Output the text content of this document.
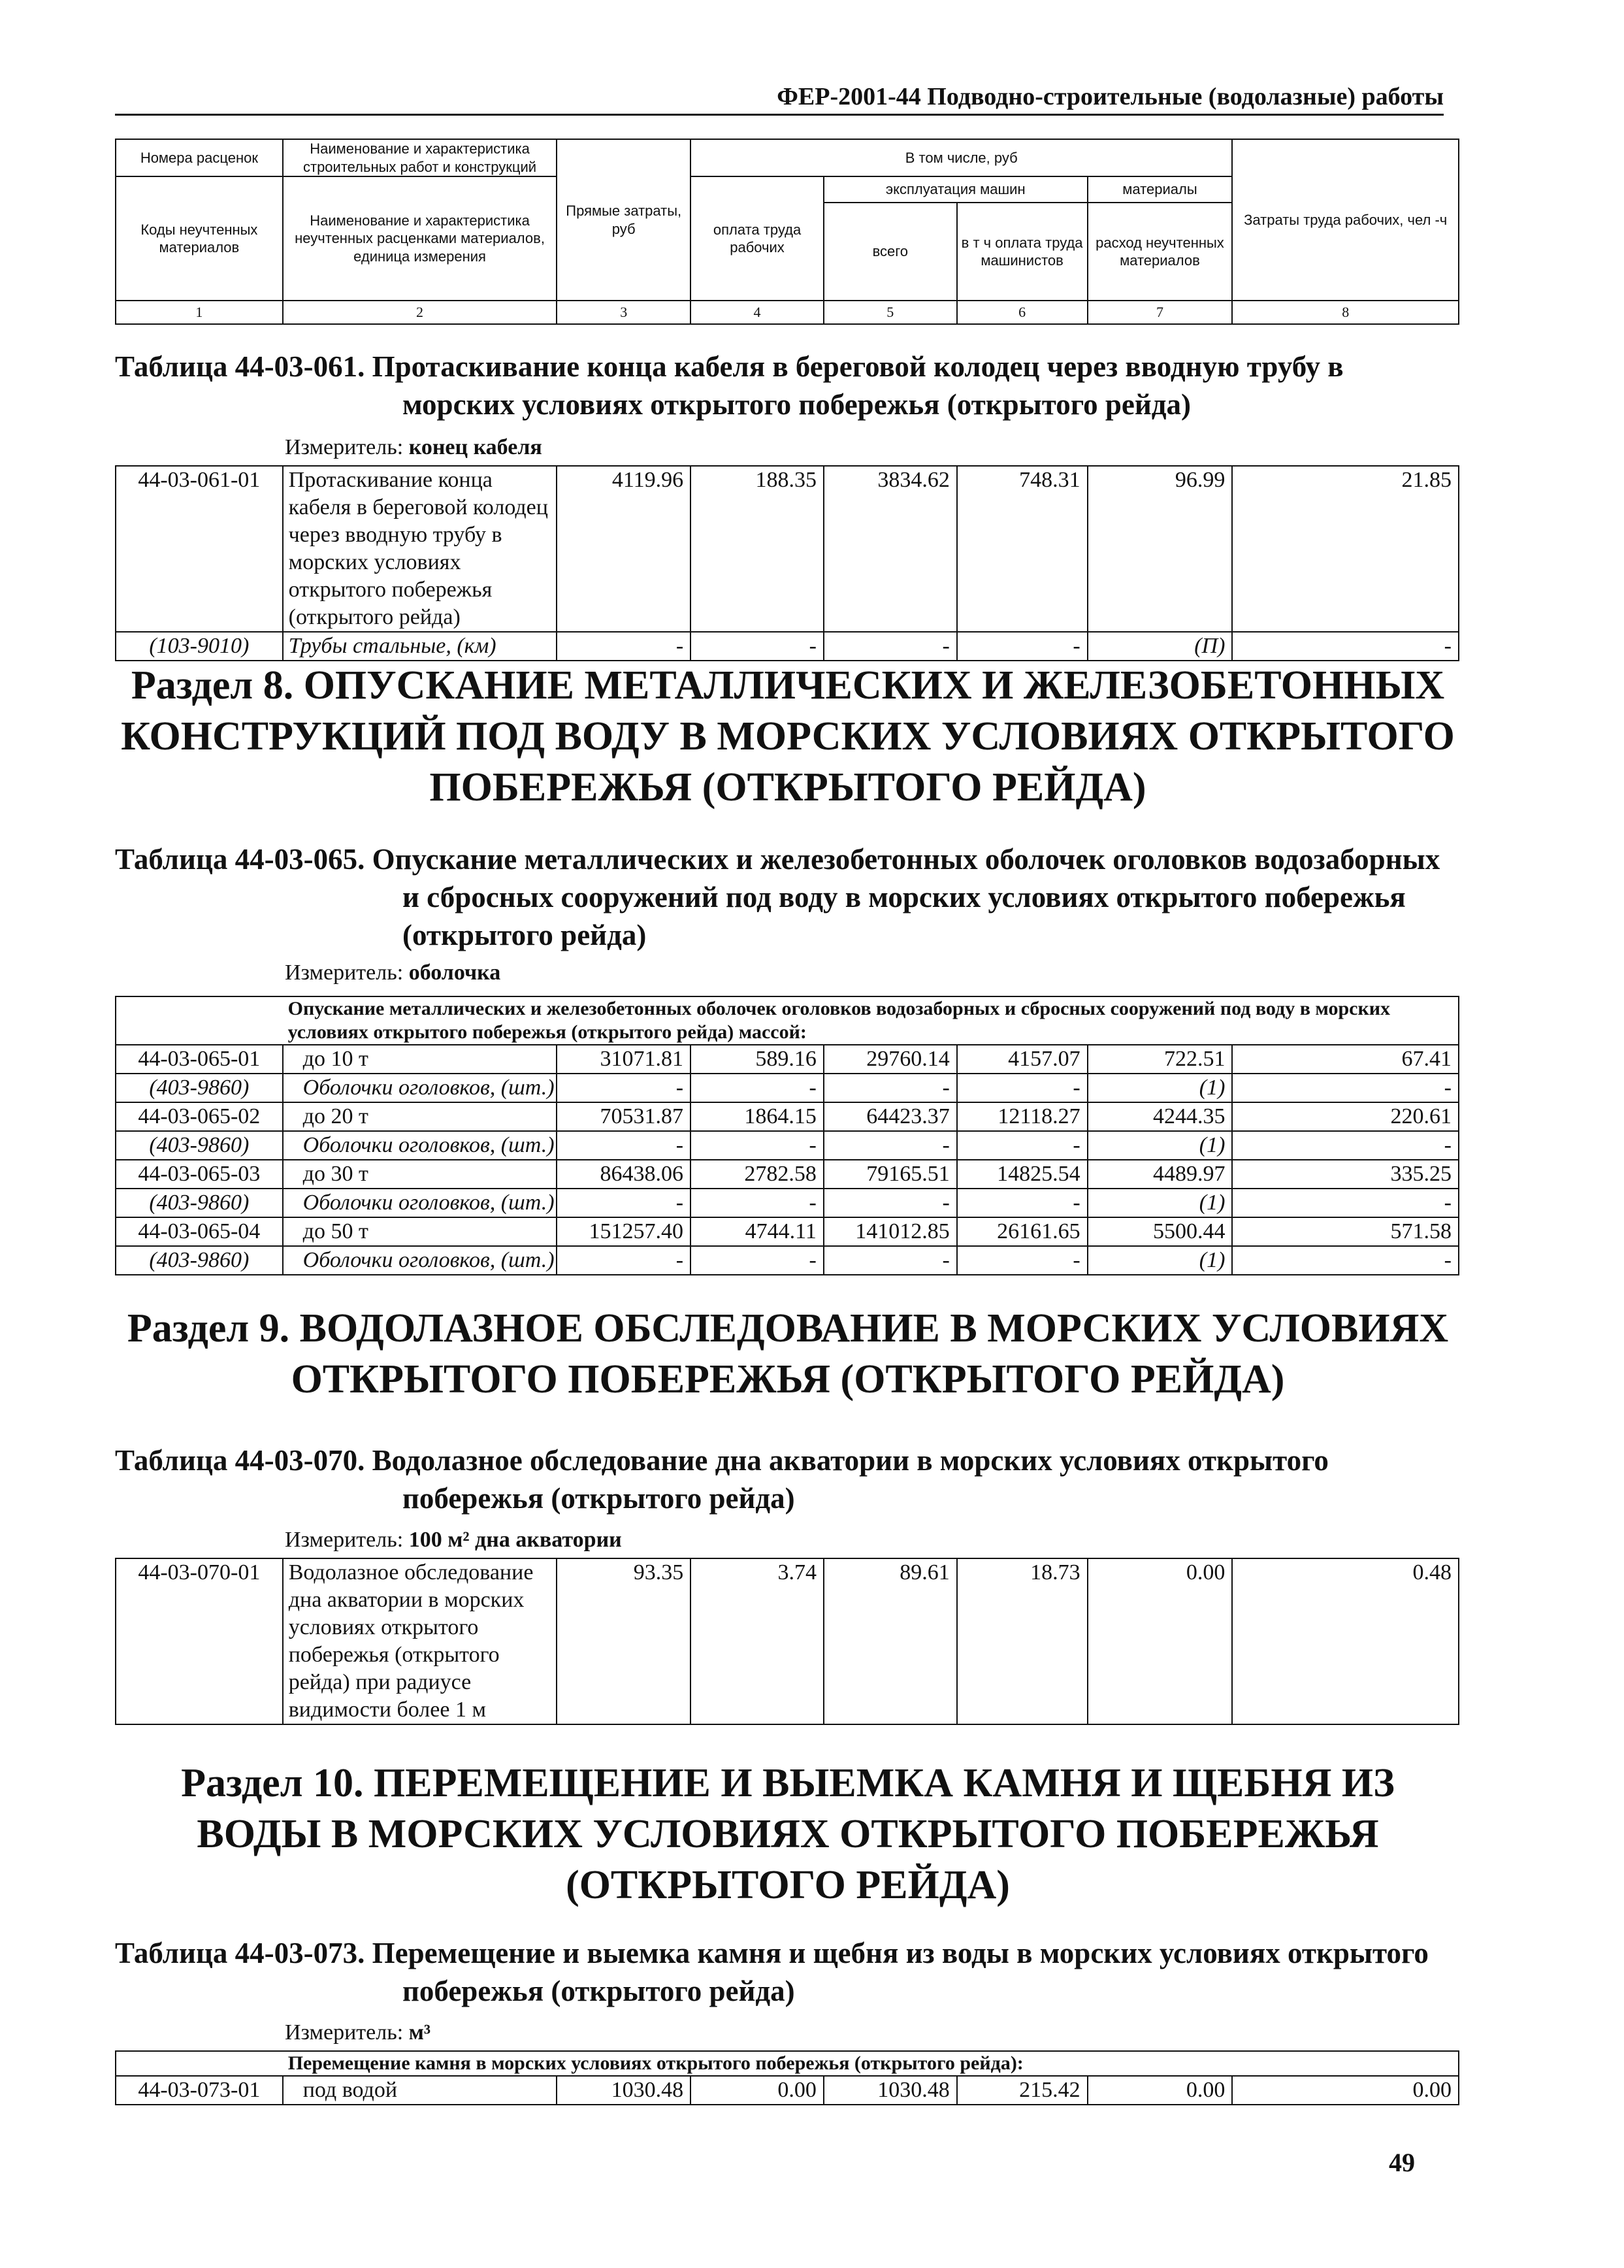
ФЕР-2001-44 Подводно-строительные (водолазные) работы
Номера расценок	Наименование и характеристика строительных работ и конструкций	Прямые затраты, руб	В том числе, руб				Затраты труда рабочих, чел -ч
Коды неучтенных материалов	Наименование и характеристика неучтенных расценками материалов, единица измерения		оплата труда рабочих	эксплуатация машин		материалы	
				всего	в т ч оплата труда машинистов	расход неучтенных материалов	
1	2	3	4	5	6	7	8
Таблица 44-03-061. Протаскивание конца кабеля в береговой колодец через вводную трубу в морских условиях открытого побережья (открытого рейда)
Измеритель: конец кабеля
44-03-061-01	Протаскивание конца кабеля в береговой колодец через вводную трубу в морских условиях открытого побережья (открытого рейда)	4119.96	188.35	3834.62	748.31	96.99	21.85
(103-9010)	Трубы стальные, (км)	-	-	-	-	(П)	-
Раздел 8. ОПУСКАНИЕ МЕТАЛЛИЧЕСКИХ И ЖЕЛЕЗОБЕТОННЫХ КОНСТРУКЦИЙ ПОД ВОДУ В МОРСКИХ УСЛОВИЯХ ОТКРЫТОГО ПОБЕРЕЖЬЯ (ОТКРЫТОГО РЕЙДА)
Таблица 44-03-065. Опускание металлических и железобетонных оболочек оголовков водозаборных и сбросных сооружений под воду в морских условиях открытого побережья (открытого рейда)
Измеритель: оболочка
	Опускание металлических и железобетонных оболочек оголовков водозаборных и сбросных сооружений под воду в морских условиях открытого побережья (открытого рейда) массой:						
44-03-065-01	до 10 т	31071.81	589.16	29760.14	4157.07	722.51	67.41
(403-9860)	Оболочки оголовков, (шт.)	-	-	-	-	(1)	-
44-03-065-02	до 20 т	70531.87	1864.15	64423.37	12118.27	4244.35	220.61
(403-9860)	Оболочки оголовков, (шт.)	-	-	-	-	(1)	-
44-03-065-03	до 30 т	86438.06	2782.58	79165.51	14825.54	4489.97	335.25
(403-9860)	Оболочки оголовков, (шт.)	-	-	-	-	(1)	-
44-03-065-04	до 50 т	151257.40	4744.11	141012.85	26161.65	5500.44	571.58
(403-9860)	Оболочки оголовков, (шт.)	-	-	-	-	(1)	-
Раздел 9. ВОДОЛАЗНОЕ ОБСЛЕДОВАНИЕ В МОРСКИХ УСЛОВИЯХ ОТКРЫТОГО ПОБЕРЕЖЬЯ (ОТКРЫТОГО РЕЙДА)
Таблица 44-03-070. Водолазное обследование дна акватории в морских условиях открытого побережья (открытого рейда)
Измеритель: 100 м² дна акватории
44-03-070-01	Водолазное обследование дна акватории в морских условиях открытого побережья (открытого рейда) при радиусе видимости более 1 м	93.35	3.74	89.61	18.73	0.00	0.48
Раздел 10. ПЕРЕМЕЩЕНИЕ И ВЫЕМКА КАМНЯ И ЩЕБНЯ ИЗ ВОДЫ В МОРСКИХ УСЛОВИЯХ ОТКРЫТОГО ПОБЕРЕЖЬЯ (ОТКРЫТОГО РЕЙДА)
Таблица 44-03-073. Перемещение и выемка камня и щебня из воды в морских условиях открытого побережья (открытого рейда)
Измеритель: м³
	Перемещение камня в морских условиях открытого побережья (открытого рейда):						
44-03-073-01	под водой	1030.48	0.00	1030.48	215.42	0.00	0.00
49
